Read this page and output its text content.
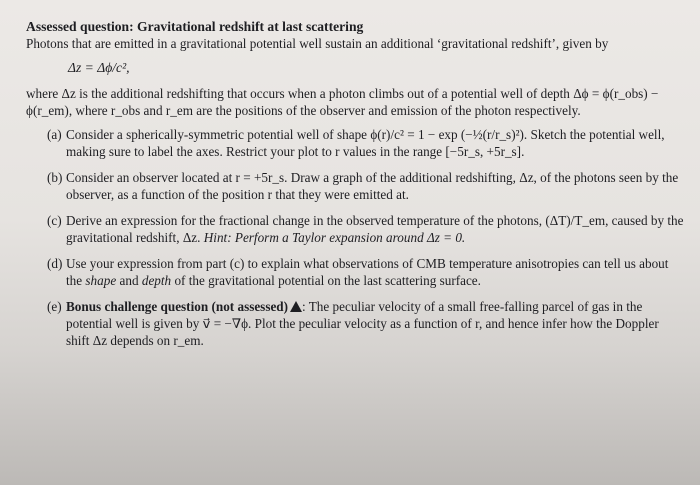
Assessed question: Gravitational redshift at last scattering

Photons that are emitted in a gravitational potential well sustain an additional ‘gravitational redshift’, given by

Δz = Δϕ/c²,

where Δz is the additional redshifting that occurs when a photon climbs out of a potential well of depth Δϕ = ϕ(r_obs) − ϕ(r_em), where r_obs and r_em are the positions of the observer and emission of the photon respectively.

(a) Consider a spherically-symmetric potential well of shape ϕ(r)/c² = 1 − exp (−½(r/r_s)²). Sketch the potential well, making sure to label the axes. Restrict your plot to r values in the range [−5r_s, +5r_s].

(b) Consider an observer located at r = +5r_s. Draw a graph of the additional redshifting, Δz, of the photons seen by the observer, as a function of the position r that they were emitted at.

(c) Derive an expression for the fractional change in the observed temperature of the photons, (ΔT)/T_em, caused by the gravitational redshift, Δz. Hint: Perform a Taylor expansion around Δz = 0.

(d) Use your expression from part (c) to explain what observations of CMB temperature anisotropies can tell us about the shape and depth of the gravitational potential on the last scattering surface.

(e) Bonus challenge question (not assessed) : The peculiar velocity of a small free-falling parcel of gas in the potential well is given by v⃗ = −∇ϕ. Plot the peculiar velocity as a function of r, and hence infer how the Doppler shift Δz depends on r_em.
